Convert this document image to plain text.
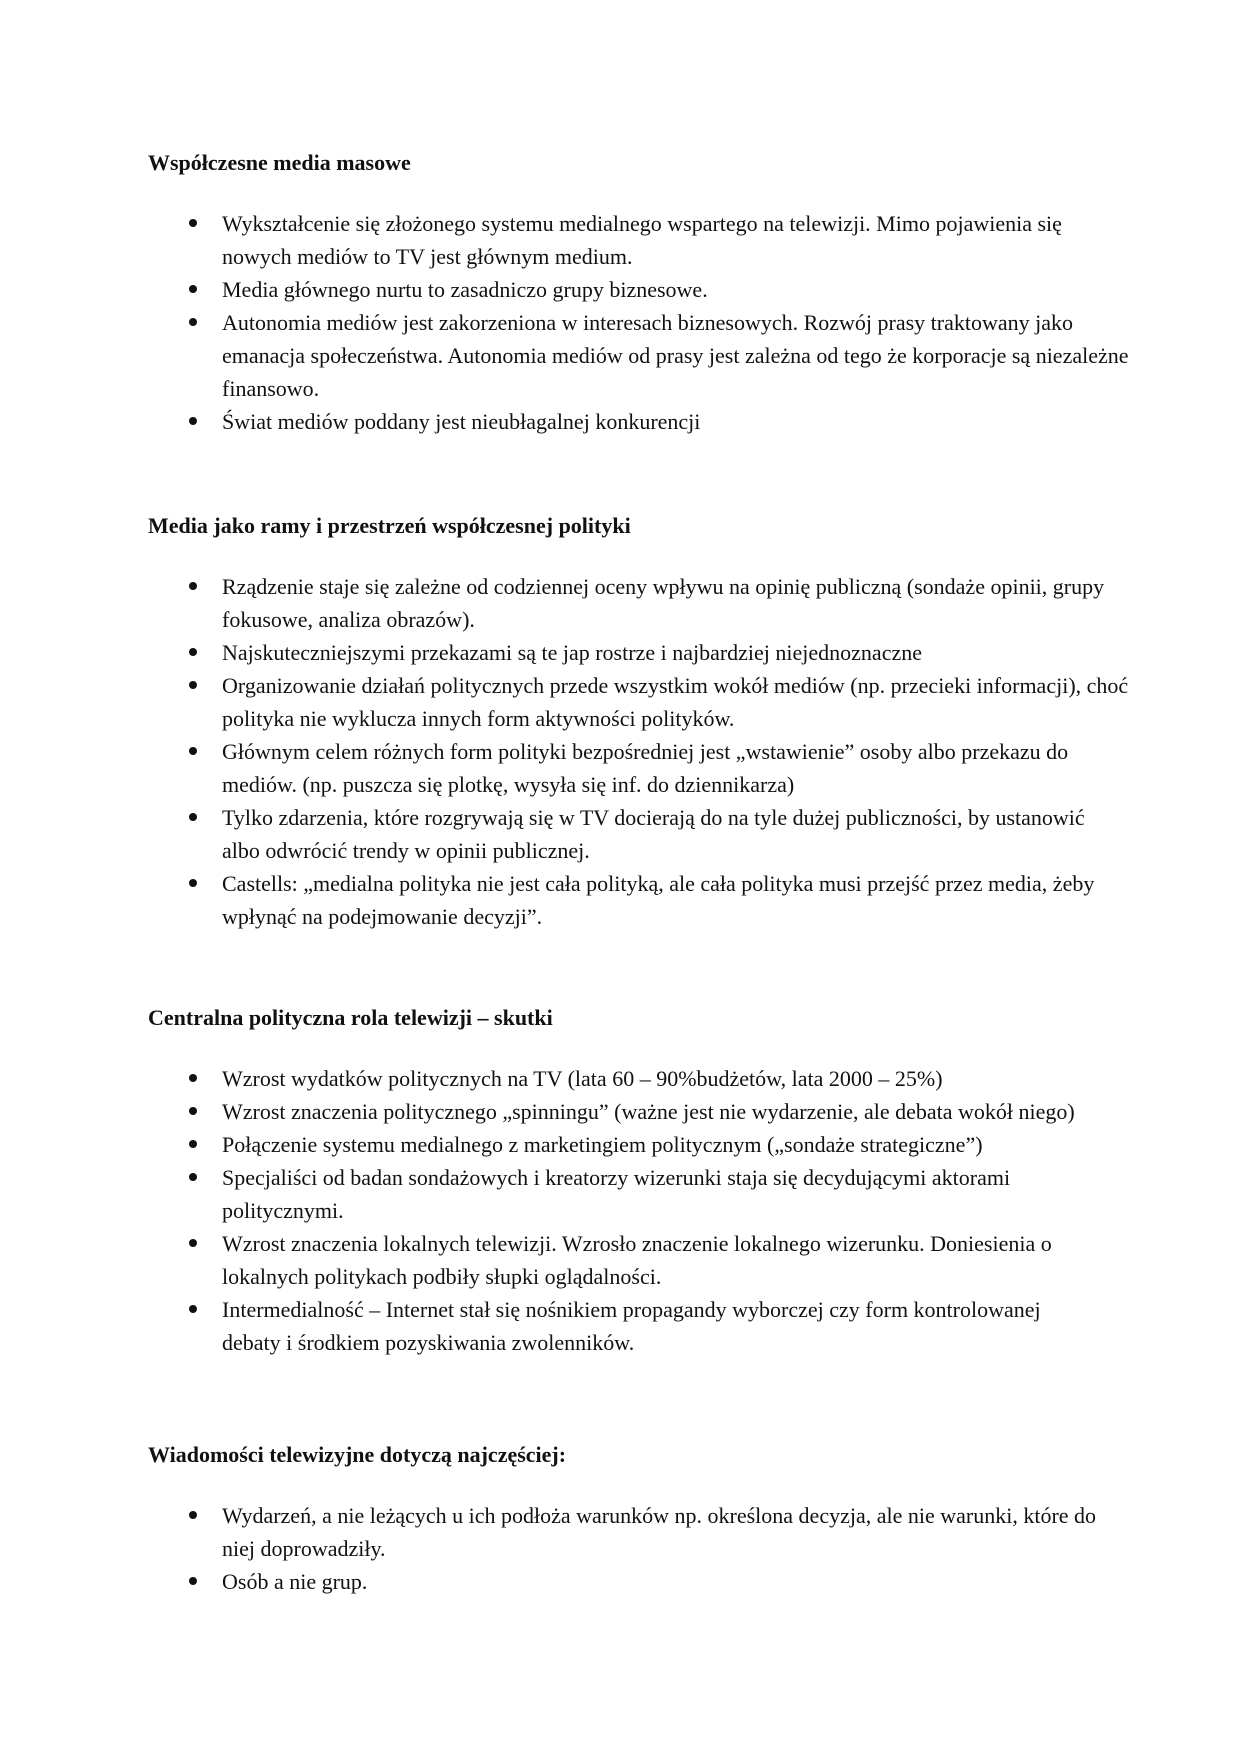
Współczesne media masowe
Wykształcenie się złożonego systemu medialnego wspartego na telewizji. Mimo pojawienia się nowych mediów to TV jest głównym medium.
Media głównego nurtu to zasadniczo grupy biznesowe.
Autonomia mediów jest zakorzeniona w interesach biznesowych. Rozwój prasy traktowany jako emanacja społeczeństwa. Autonomia mediów od prasy jest zależna od tego że korporacje są niezależne finansowo.
Świat mediów poddany jest nieubłagalnej konkurencji
Media jako ramy i przestrzeń współczesnej polityki
Rządzenie staje się zależne od codziennej oceny wpływu na opinię publiczną (sondaże opinii, grupy fokusowe, analiza obrazów).
Najskuteczniejszymi przekazami są te jap rostrze i najbardziej niejednoznaczne
Organizowanie działań politycznych przede wszystkim wokół mediów (np. przecieki informacji), choć polityka nie wyklucza innych form aktywności polityków.
Głównym celem różnych form polityki bezpośredniej jest „wstawienie” osoby albo przekazu do mediów. (np. puszcza się plotkę, wysyła się inf. do dziennikarza)
Tylko zdarzenia, które rozgrywają się w TV docierają do na tyle dużej publiczności, by ustanowić albo odwrócić trendy w opinii publicznej.
Castells: „medialna polityka nie jest cała polityką, ale cała polityka musi przejść przez media, żeby wpłynąć na podejmowanie decyzji”.
Centralna polityczna rola telewizji – skutki
Wzrost wydatków politycznych na TV (lata 60 – 90%budżetów, lata 2000 – 25%)
Wzrost znaczenia politycznego „spinningu” (ważne jest nie wydarzenie, ale debata wokół niego)
Połączenie systemu medialnego z marketingiem politycznym („sondaże strategiczne”)
Specjaliści od badan sondażowych i kreatorzy wizerunki staja się decydującymi aktorami politycznymi.
Wzrost znaczenia lokalnych telewizji. Wzrosło znaczenie lokalnego wizerunku. Doniesienia o lokalnych politykach podbiły słupki oglądalności.
Intermedialność – Internet stał się nośnikiem propagandy wyborczej czy form kontrolowanej debaty i środkiem pozyskiwania zwolenników.
Wiadomości telewizyjne dotyczą najczęściej:
Wydarzeń, a nie leżących u ich podłoża warunków np. określona decyzja, ale nie warunki, które do niej doprowadziły.
Osób a nie grup.
